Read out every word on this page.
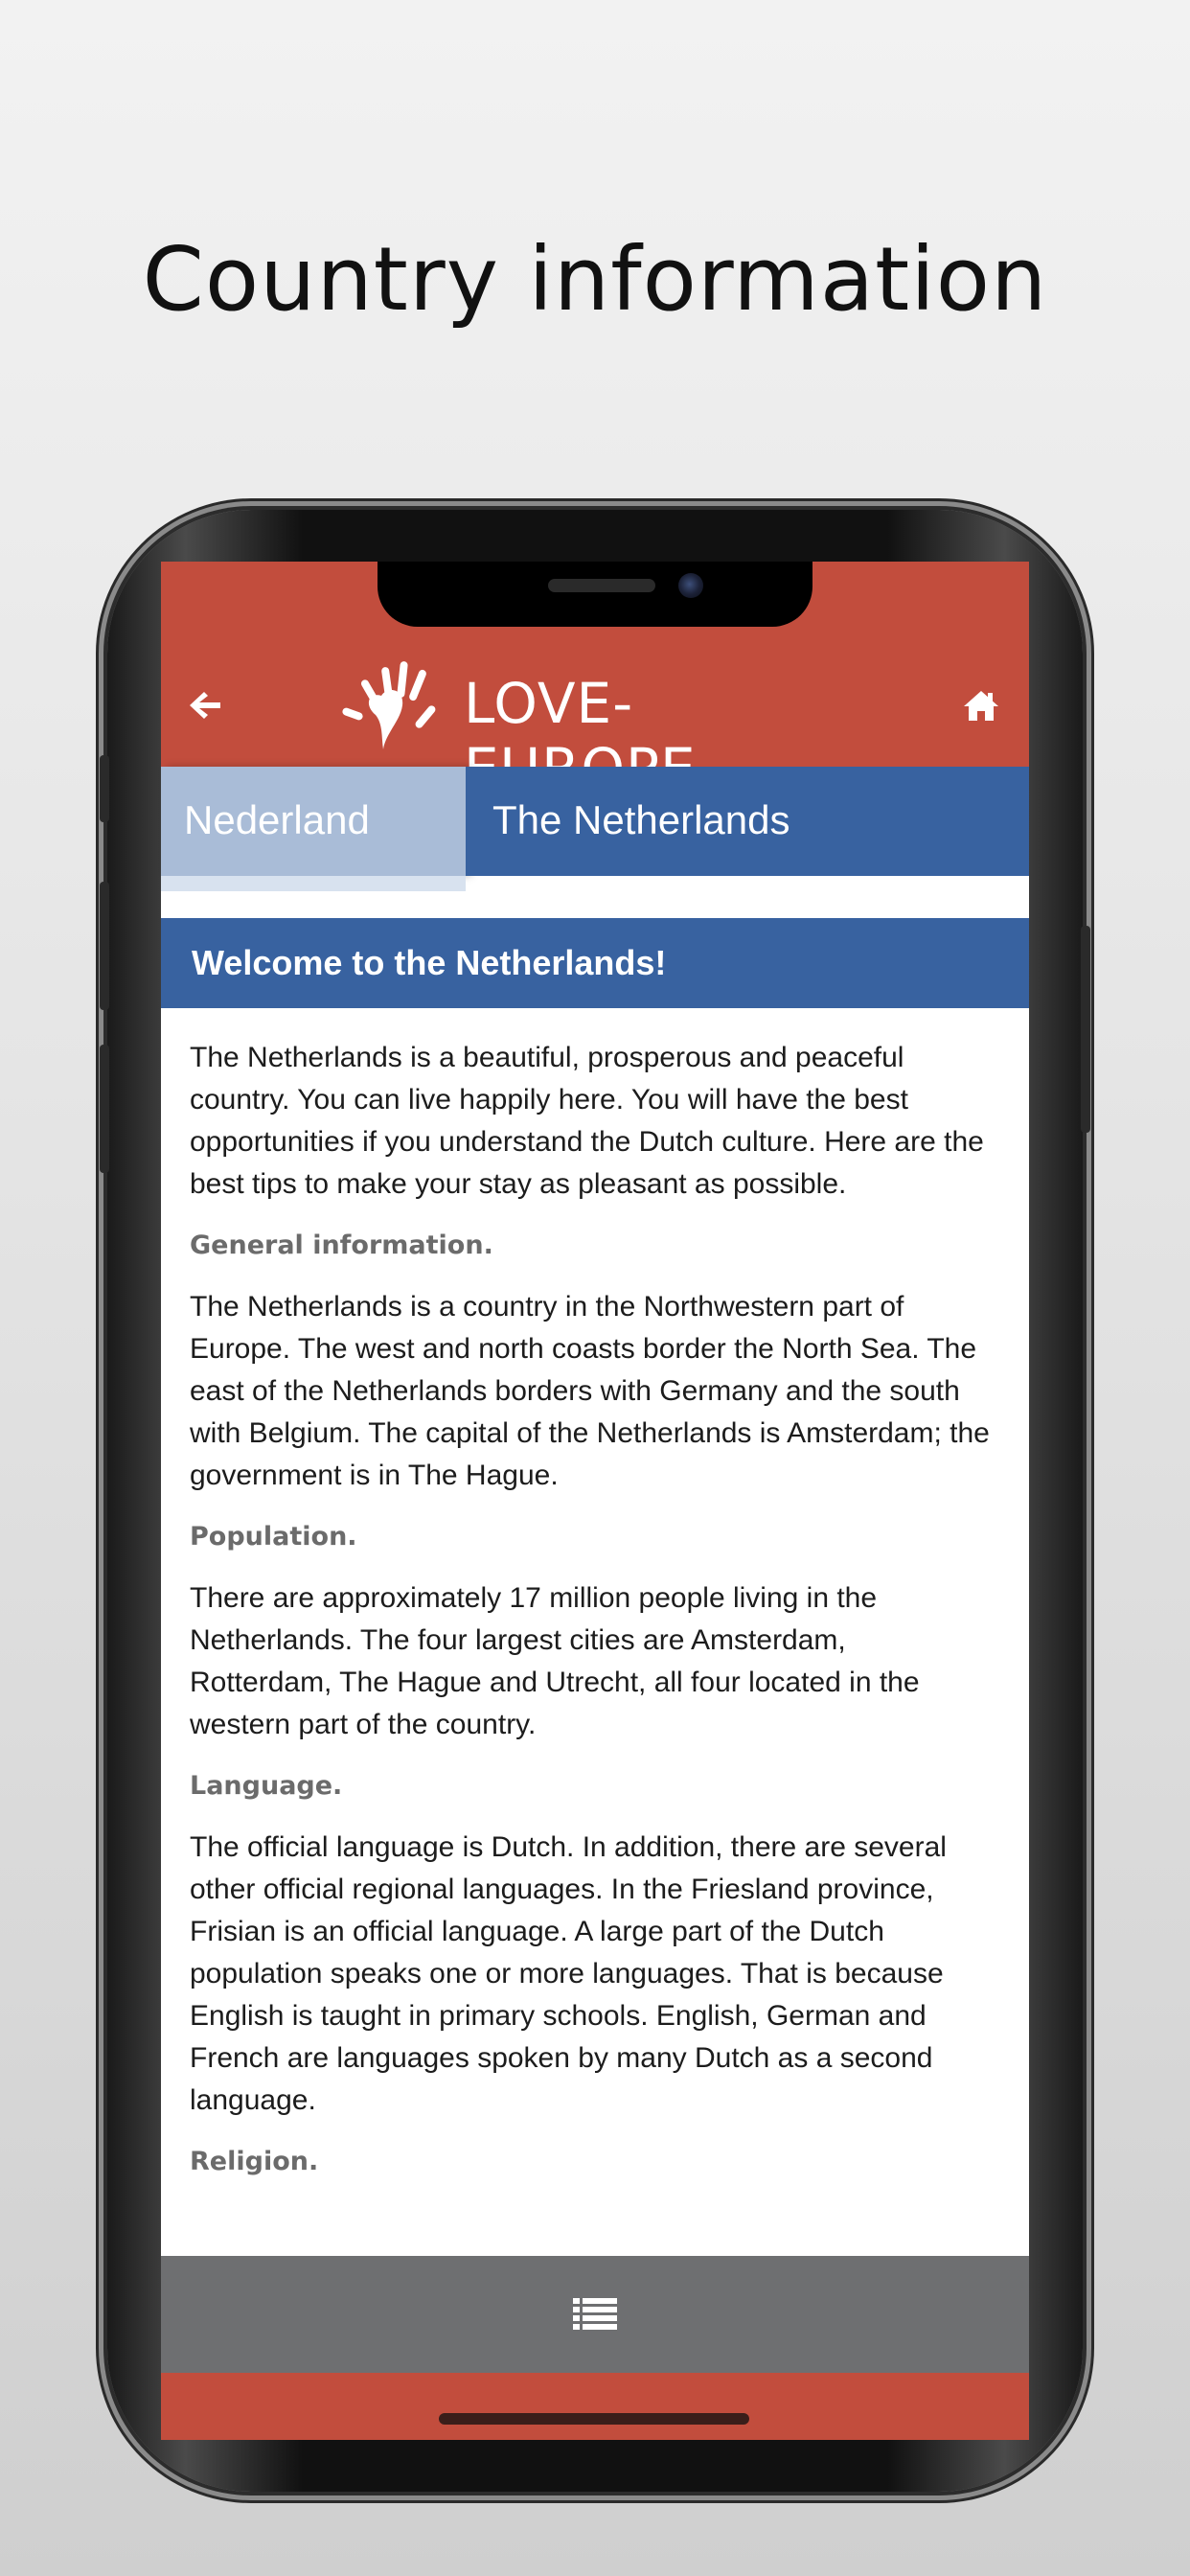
Country information
LOVE-
Nederland	The Netherlands
Welcome to the Netherlands!

The Netherlands is a beautiful, prosperous and peaceful country. You can live happily here. You will have the best opportunities if you understand the Dutch culture. Here are the best tips to make your stay as pleasant as possible.

General information.

The Netherlands is a country in the Northwestern part of Europe. The west and north coasts border the North Sea. The east of the Netherlands borders with Germany and the south with Belgium. The capital of the Netherlands is Amsterdam; the government is in The Hague.

Population.

There are approximately 17 million people living in the Netherlands. The four largest cities are Amsterdam, Rotterdam, The Hague and Utrecht, all four located in the western part of the country.

Language.

The official language is Dutch. In addition, there are several other official regional languages. In the Friesland province, Frisian is an official language. A large part of the Dutch population speaks one or more languages. That is because English is taught in primary schools. English, German and French are languages spoken by many Dutch as a second language.

Religion.
